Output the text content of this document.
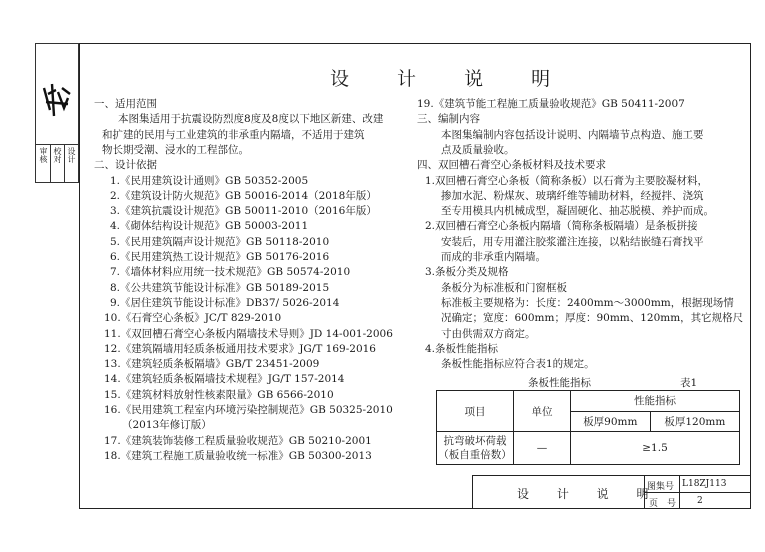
审核 校对 设计
设 计 说 明
一、适用范围
本图集适用于抗震设防烈度8度及8度以下地区新建、改建
和扩建的民用与工业建筑的非承重内隔墙，不适用于建筑
物长期受潮、浸水的工程部位。
二、设计依据
1.《民用建筑设计通则》GB 50352-2005
2.《建筑设计防火规范》GB 50016-2014（2018年版）
3.《建筑抗震设计规范》GB 50011-2010（2016年版）
4.《砌体结构设计规范》GB 50003-2011
5.《民用建筑隔声设计规范》GB 50118-2010
6.《民用建筑热工设计规范》GB 50176-2016
7.《墙体材料应用统一技术规范》GB 50574-2010
8.《公共建筑节能设计标准》GB 50189-2015
9.《居住建筑节能设计标准》DB37/ 5026-2014
10.《石膏空心条板》JC/T 829-2010
11.《双回槽石膏空心条板内隔墙技术导则》JD 14-001-2006
12.《建筑隔墙用轻质条板通用技术要求》JG/T 169-2016
13.《建筑轻质条板隔墙》GB/T 23451-2009
14.《建筑轻质条板隔墙技术规程》JG/T 157-2014
15.《建筑材料放射性核素限量》GB 6566-2010
16.《民用建筑工程室内环境污染控制规范》GB 50325-2010
（2013年修订版）
17.《建筑装饰装修工程质量验收规范》GB 50210-2001
18.《建筑工程施工质量验收统一标准》GB 50300-2013
19.《建筑节能工程施工质量验收规范》GB 50411-2007
三、编制内容
本图集编制内容包括设计说明、内隔墙节点构造、施工要
点及质量验收。
四、双回槽石膏空心条板材料及技术要求
1.双回槽石膏空心条板（简称条板）以石膏为主要胶凝材料，
掺加水泥、粉煤灰、玻璃纤维等辅助材料，经搅拌、浇筑
至专用模具内机械成型，凝固硬化、抽芯脱模、养护而成。
2.双回槽石膏空心条板内隔墙（简称条板隔墙）是条板拼接
安装后，用专用灌注胶浆灌注连接，以粘结嵌缝石膏找平
而成的非承重内隔墙。
3.条板分类及规格
条板分为标准板和门窗框板
标准板主要规格为：长度：2400mm～3000mm，根据现场情
况确定；宽度：600mm；厚度：90mm、120mm，其它规格尺
寸由供需双方商定。
4.条板性能指标
条板性能指标应符合表1的规定。
条板性能指标	表1
项目	单位	性能指标	
		板厚90mm	板厚120mm

抗弯破坏荷载
（板自重倍数）	—	≥1.5	
设 计 说 明
图集号 L18ZJ113
页　号 2
